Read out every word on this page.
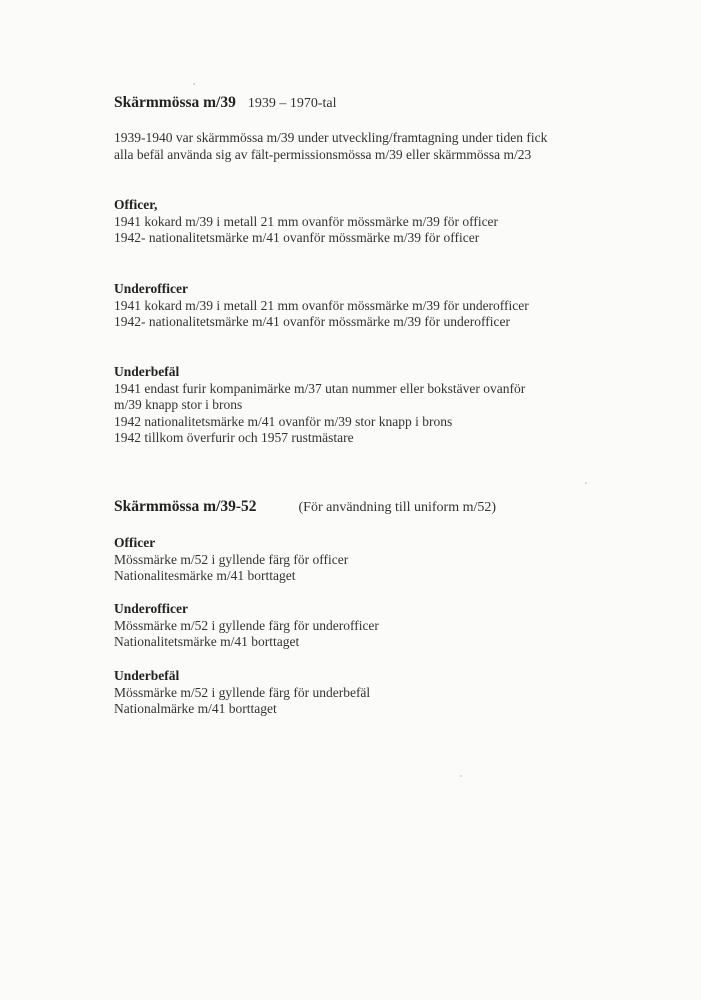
Skärmmössa m/39 1939 – 1970-tal
1939-1940 var skärmmössa m/39 under utveckling/framtagning under tiden fick
alla befäl använda sig av fält-permissionsmössa m/39 eller skärmmössa m/23
Officer,
1941 kokard m/39 i metall 21 mm ovanför mössmärke m/39 för officer
1942- nationalitetsmärke m/41 ovanför mössmärke m/39 för officer
Underofficer
1941 kokard m/39 i metall 21 mm ovanför mössmärke m/39 för underofficer
1942- nationalitetsmärke m/41 ovanför mössmärke m/39 för underofficer
Underbefäl
1941 endast furir kompanimärke m/37 utan nummer eller bokstäver ovanför
m/39 knapp stor i brons
1942 nationalitetsmärke m/41 ovanför m/39 stor knapp i brons
1942 tillkom överfurir och 1957 rustmästare
Skärmmössa m/39-52	(För användning till uniform m/52)
Officer
Mössmärke m/52 i gyllende färg för officer
Nationalitesmärke m/41 borttaget
Underofficer
Mössmärke m/52 i gyllende färg för underofficer
Nationalitetsmärke m/41 borttaget
Underbefäl
Mössmärke m/52 i gyllende färg för underbefäl
Nationalmärke m/41 borttaget
